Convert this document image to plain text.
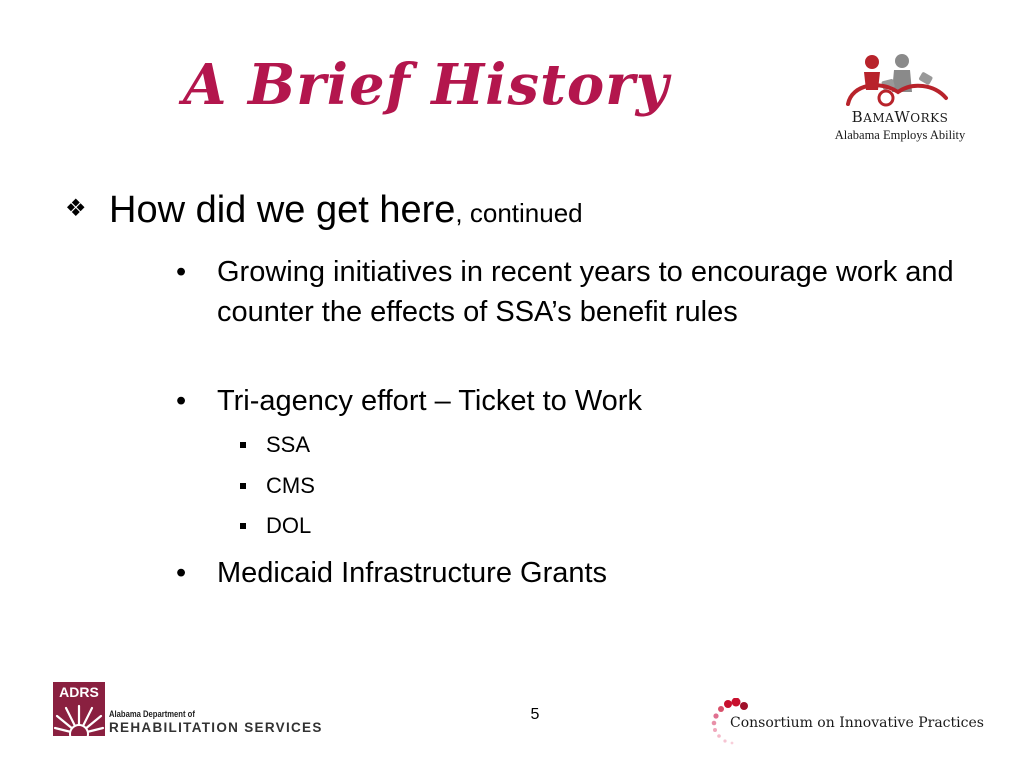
A Brief History	BAMAWORKS
Alabama Employs Ability
❖ How did we get here, continued
• Growing initiatives in recent years to encourage work and counter the effects of SSA’s benefit rules
• Tri-agency effort – Ticket to Work
SSA
CMS
DOL
• Medicaid Infrastructure Grants
5
ADRS
Alabama Department of
REHABILITATION SERVICES	Consortium on Innovative Practices
